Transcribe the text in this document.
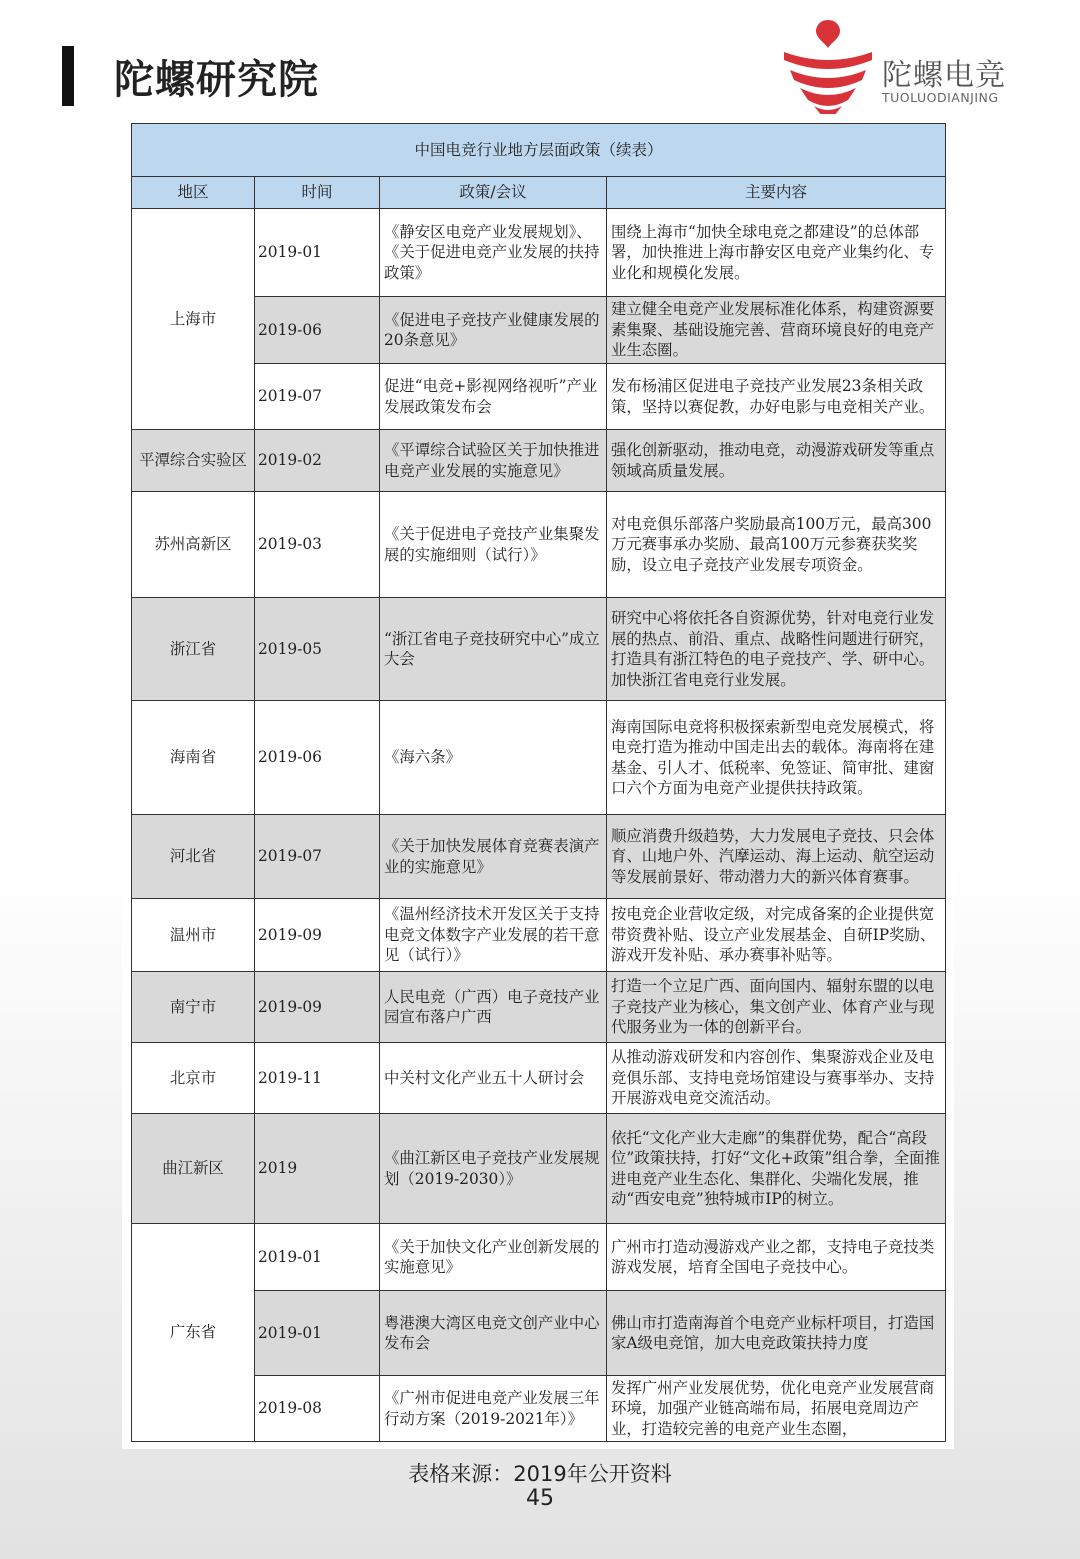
陀螺研究院	陀螺电竞
TUOLUODIANJING
中国电竞行业地方层面政策（续表）			
地区	时间	政策/会议	主要内容
上海市	2019-01	《静安区电竞产业发展规划》、《关于促进电竞产业发展的扶持政策》	围绕上海市“加快全球电竞之都建设”的总体部署，加快推进上海市静安区电竞产业集约化、专业化和规模化发展。
	2019-06	《促进电子竞技产业健康发展的20条意见》	建立健全电竞产业发展标准化体系，构建资源要素集聚、基础设施完善、营商环境良好的电竞产业生态圈。
	2019-07	促进“电竞+影视网络视听”产业发展政策发布会	发布杨浦区促进电子竞技产业发展23条相关政策，坚持以赛促教，办好电影与电竞相关产业。
平潭综合实验区	2019-02	《平谭综合试验区关于加快推进电竞产业发展的实施意见》	强化创新驱动，推动电竞，动漫游戏研发等重点领域高质量发展。
苏州高新区	2019-03	《关于促进电子竞技产业集聚发展的实施细则（试行）》	对电竞俱乐部落户奖励最高100万元，最高300万元赛事承办奖励、最高100万元参赛获奖奖励，设立电子竞技产业发展专项资金。
浙江省	2019-05	“浙江省电子竞技研究中心”成立大会	研究中心将依托各自资源优势，针对电竞行业发展的热点、前沿、重点、战略性问题进行研究，打造具有浙江特色的电子竞技产、学、研中心。加快浙江省电竞行业发展。
海南省	2019-06	《海六条》	海南国际电竞将积极探索新型电竞发展模式，将电竞打造为推动中国走出去的载体。海南将在建基金、引人才、低税率、免签证、简审批、建窗口六个方面为电竞产业提供扶持政策。
河北省	2019-07	《关于加快发展体育竞赛表演产业的实施意见》	顺应消费升级趋势，大力发展电子竞技、只会体育、山地户外、汽摩运动、海上运动、航空运动等发展前景好、带动潜力大的新兴体育赛事。
温州市	2019-09	《温州经济技术开发区关于支持电竞文体数字产业发展的若干意见（试行）》	按电竞企业营收定级，对完成备案的企业提供宽带资费补贴、设立产业发展基金、自研IP奖励、游戏开发补贴、承办赛事补贴等。
南宁市	2019-09	人民电竞（广西）电子竞技产业园宣布落户广西	打造一个立足广西、面向国内、辐射东盟的以电子竞技产业为核心，集文创产业、体育产业与现代服务业为一体的创新平台。
北京市	2019-11	中关村文化产业五十人研讨会	从推动游戏研发和内容创作、集聚游戏企业及电竞俱乐部、支持电竞场馆建设与赛事举办、支持开展游戏电竞交流活动。
曲江新区	2019	《曲江新区电子竞技产业发展规划（2019-2030）》	依托“文化产业大走廊”的集群优势，配合“高段位”政策扶持，打好“文化+政策”组合拳，全面推进电竞产业生态化、集群化、尖端化发展，推动“西安电竞”独特城市IP的树立。
广东省	2019-01	《关于加快文化产业创新发展的实施意见》	广州市打造动漫游戏产业之都，支持电子竞技类游戏发展，培育全国电子竞技中心。
	2019-01	粤港澳大湾区电竞文创产业中心发布会	佛山市打造南海首个电竞产业标杆项目，打造国家A级电竞馆，加大电竞政策扶持力度
	2019-08	《广州市促进电竞产业发展三年行动方案（2019-2021年）》	发挥广州产业发展优势，优化电竞产业发展营商环境，加强产业链高端布局，拓展电竞周边产业，打造较完善的电竞产业生态圈，
表格来源：2019年公开资料
45
